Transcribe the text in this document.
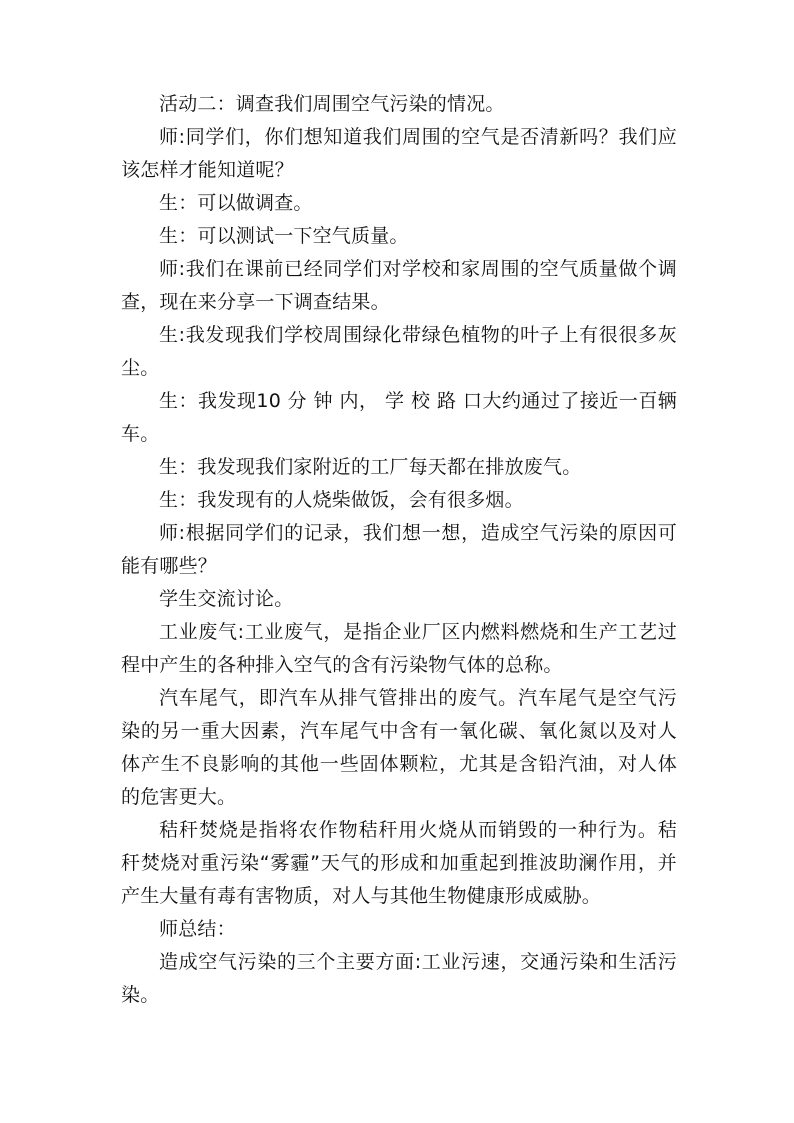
活动二：调查我们周围空气污染的情况。

师:同学们，你们想知道我们周围的空气是否清新吗？我们应该怎样才能知道呢？

生：可以做调查。

生：可以测试一下空气质量。

师:我们在课前已经同学们对学校和家周围的空气质量做个调查，现在来分享一下调查结果。

生:我发现我们学校周围绿化带绿色植物的叶子上有很很多灰尘。

生：我发现10 分 钟 内， 学 校 路 口大约通过了接近一百辆车。

生：我发现我们家附近的工厂每天都在排放废气。

生：我发现有的人烧柴做饭，会有很多烟。

师:根据同学们的记录，我们想一想，造成空气污染的原因可能有哪些？

学生交流讨论。

工业废气:工业废气，是指企业厂区内燃料燃烧和生产工艺过程中产生的各种排入空气的含有污染物气体的总称。

汽车尾气，即汽车从排气管排出的废气。汽车尾气是空气污染的另一重大因素，汽车尾气中含有一氧化碳、氧化氮以及对人体产生不良影响的其他一些固体颗粒，尤其是含铅汽油，对人体的危害更大。

秸秆焚烧是指将农作物秸秆用火烧从而销毁的一种行为。秸秆焚烧对重污染“雾霾”天气的形成和加重起到推波助澜作用，并产生大量有毒有害物质，对人与其他生物健康形成威胁。

师总结：

造成空气污染的三个主要方面:工业污速，交通污染和生活污染。
